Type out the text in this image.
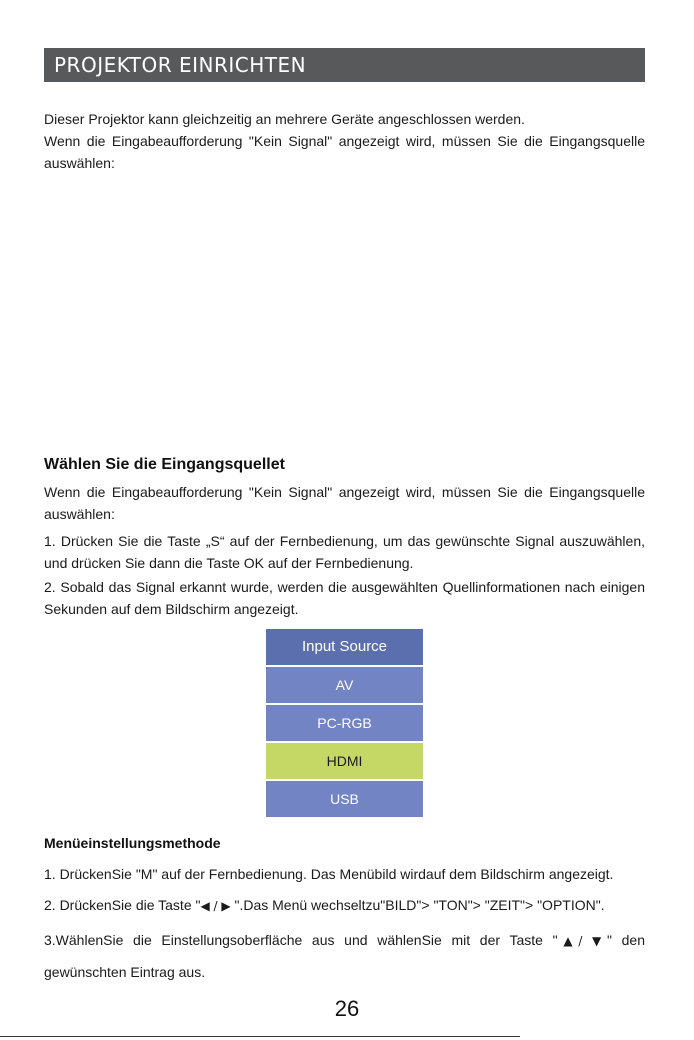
PROJEKTOR EINRICHTEN
Dieser Projektor kann gleichzeitig an mehrere Geräte angeschlossen werden.
Wenn die Eingabeaufforderung "Kein Signal" angezeigt wird, müssen Sie die Eingangsquelle auswählen:
Wählen Sie die Eingangsquellet
Wenn die Eingabeaufforderung "Kein Signal" angezeigt wird, müssen Sie die Eingangsquelle auswählen:
1. Drücken Sie die Taste „S“ auf der Fernbedienung, um das gewünschte Signal auszuwählen, und drücken Sie dann die Taste OK auf der Fernbedienung.
2. Sobald das Signal erkannt wurde, werden die ausgewählten Quellinformationen nach einigen Sekunden auf dem Bildschirm angezeigt.
Input Source
AV
PC-RGB
HDMI
USB
Menüeinstellungsmethode
1. DrückenSie "M" auf der Fernbedienung. Das Menübild wirdauf dem Bildschirm angezeigt.
2. DrückenSie die Taste "◀ / ▶ ".Das Menü wechseltzu"BILD"> "TON"> "ZEIT"> "OPTION".
3.WählenSie die Einstellungsoberfläche aus und wählenSie mit der Taste "▲/ ▼" den gewünschten Eintrag aus.
26
